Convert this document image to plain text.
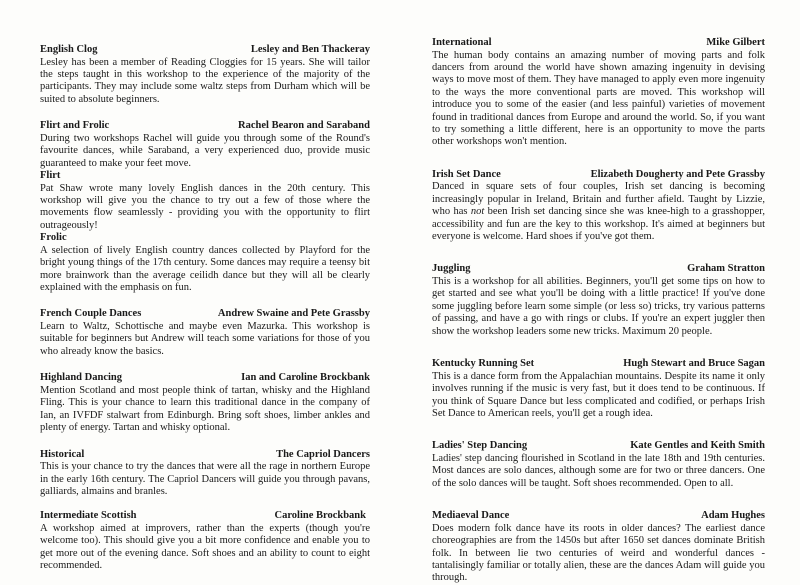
English Clog	Lesley and Ben Thackeray
Lesley has been a member of Reading Cloggies for 15 years. She will tailor the steps taught in this workshop to the experience of the majority of the participants. They may include some waltz steps from Durham which will be suited to absolute beginners.
Flirt and Frolic	Rachel Bearon and Saraband
During two workshops Rachel will guide you through some of the Round's favourite dances, while Saraband, a very experienced duo, provide music guaranteed to make your feet move.
Flirt
Pat Shaw wrote many lovely English dances in the 20th century. This workshop will give you the chance to try out a few of those where the movements flow seamlessly - providing you with the opportunity to flirt outrageously!
Frolic
A selection of lively English country dances collected by Playford for the bright young things of the 17th century. Some dances may require a teensy bit more brainwork than the average ceilidh dance but they will all be clearly explained with the emphasis on fun.
French Couple Dances	Andrew Swaine and Pete Grassby
Learn to Waltz, Schottische and maybe even Mazurka. This workshop is suitable for beginners but Andrew will teach some variations for those of you who already know the basics.
Highland Dancing	Ian and Caroline Brockbank
Mention Scotland and most people think of tartan, whisky and the Highland Fling. This is your chance to learn this traditional dance in the company of Ian, an IVFDF stalwart from Edinburgh. Bring soft shoes, limber ankles and plenty of energy. Tartan and whisky optional.
Historical	The Capriol Dancers
This is your chance to try the dances that were all the rage in northern Europe in the early 16th century. The Capriol Dancers will guide you through pavans, galliards, almains and branles.
Intermediate Scottish	Caroline Brockbank
A workshop aimed at improvers, rather than the experts (though you're welcome too). This should give you a bit more confidence and enable you to get more out of the evening dance. Soft shoes and an ability to count to eight recommended.
International	Mike Gilbert
The human body contains an amazing number of moving parts and folk dancers from around the world have shown amazing ingenuity in devising ways to move most of them. They have managed to apply even more ingenuity to the ways the more conventional parts are moved. This workshop will introduce you to some of the easier (and less painful) varieties of movement found in traditional dances from Europe and around the world. So, if you want to try something a little different, here is an opportunity to move the parts other workshops won't mention.
Irish Set Dance	Elizabeth Dougherty and Pete Grassby
Danced in square sets of four couples, Irish set dancing is becoming increasingly popular in Ireland, Britain and further afield. Taught by Lizzie, who has not been Irish set dancing since she was knee-high to a grasshopper, accessibility and fun are the key to this workshop. It's aimed at beginners but everyone is welcome. Hard shoes if you've got them.
Juggling	Graham Stratton
This is a workshop for all abilities. Beginners, you'll get some tips on how to get started and see what you'll be doing with a little practice! If you've done some juggling before learn some simple (or less so) tricks, try various patterns of passing, and have a go with rings or clubs. If you're an expert juggler then show the workshop leaders some new tricks. Maximum 20 people.
Kentucky Running Set	Hugh Stewart and Bruce Sagan
This is a dance form from the Appalachian mountains. Despite its name it only involves running if the music is very fast, but it does tend to be continuous. If you think of Square Dance but less complicated and codified, or perhaps Irish Set Dance to American reels, you'll get a rough idea.
Ladies' Step Dancing	Kate Gentles and Keith Smith
Ladies' step dancing flourished in Scotland in the late 18th and 19th centuries. Most dances are solo dances, although some are for two or three dancers. One of the solo dances will be taught. Soft shoes recommended. Open to all.
Mediaeval Dance	Adam Hughes
Does modern folk dance have its roots in older dances? The earliest dance choreographies are from the 1450s but after 1650 set dances dominate British folk. In between lie two centuries of weird and wonderful dances - tantalisingly familiar or totally alien, these are the dances Adam will guide you through.
